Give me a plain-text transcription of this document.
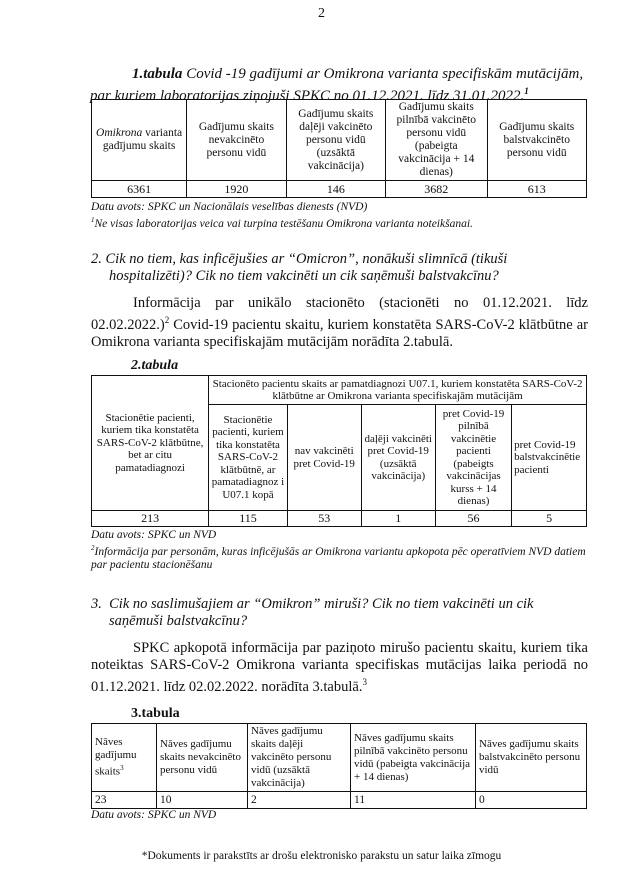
2
1.tabula Covid -19 gadījumi ar Omikrona varianta specifiskām mutācijām, par kuriem laboratorijas ziņojuši SPKC no 01.12.2021. līdz 31.01.2022.$^1$
Omikrona varianta gadījumu skaits	Gadījumu skaits nevakcinēto personu vidū	Gadījumu skaits daļēji vakcinēto personu vidū (uzsāktā vakcinācija)	Gadījumu skaits pilnībā vakcinēto personu vidū (pabeigta vakcinācija + 14 dienas)	Gadījumu skaits balstvakcinēto personu vidū
6361	1920	146	3682	613
Datu avots: SPKC un Nacionālais veselības dienests (NVD)
$^1$Ne visas laboratorijas veica vai turpina testēšanu Omikrona varianta noteikšanai.
2. Cik no tiem, kas inficējušies ar “Omicron”, nonākuši slimnīcā (tikuši
hospitalizēti)? Cik no tiem vakcinēti un cik saņēmuši balstvakcīnu?
Informācija par unikālo stacionēto (stacionēti no 01.12.2021. līdz 02.02.2022.)$^2$ Covid-19 pacientu skaitu, kuriem konstatēta SARS-CoV-2 klātbūtne ar Omikrona varianta specifiskajām mutācijām norādīta 2.tabulā.
2.tabula
Stacionētie pacienti, kuriem tika konstatēta SARS-CoV-2 klātbūtne, bet ar citu pamatadiagnozi	Stacionēto pacientu skaits ar pamatdiagnozi U07.1, kuriem konstatēta SARS-CoV-2 klātbūtne ar Omikrona varianta specifiskajām mutācijām				
	Stacionētie pacienti, kuriem tika konstatēta SARS-CoV-2 klātbūtnē, ar pamatadiagnoz i U07.1 kopā	nav vakcinēti pret Covid-19	daļēji vakcinēti pret Covid-19 (uzsāktā vakcinācija)	pret Covid-19 pilnībā vakcinētie pacienti (pabeigts vakcinācijas kurss + 14 dienas)	pret Covid-19 balstvakcinētie pacienti
213	115	53	1	56	5
Datu avots: SPKC un NVD
$^2$Informācija par personām, kuras inficējušās ar Omikrona variantu apkopota pēc operatīviem NVD datiem par pacientu stacionēšanu
3. Cik no saslimušajiem ar “Omikron” miruši? Cik no tiem vakcinēti un cik
saņēmuši balstvakcīnu?
SPKC apkopotā informācija par paziņoto mirušo pacientu skaitu, kuriem tika noteiktas SARS-CoV-2 Omikrona varianta specifiskas mutācijas laika periodā no 01.12.2021. līdz 02.02.2022. norādīta 3.tabulā.$^3$
3.tabula
Nāves gadījumu skaits$^3$	Nāves gadījumu skaits nevakcinēto personu vidū	Nāves gadījumu skaits daļēji vakcinēto personu vidū (uzsāktā vakcinācija)	Nāves gadījumu skaits pilnībā vakcinēto personu vidū (pabeigta vakcinācija + 14 dienas)	Nāves gadījumu skaits balstvakcinēto personu vidū
23	10	2	11	0
Datu avots: SPKC un NVD
*Dokuments ir parakstīts ar drošu elektronisko parakstu un satur laika zīmogu
